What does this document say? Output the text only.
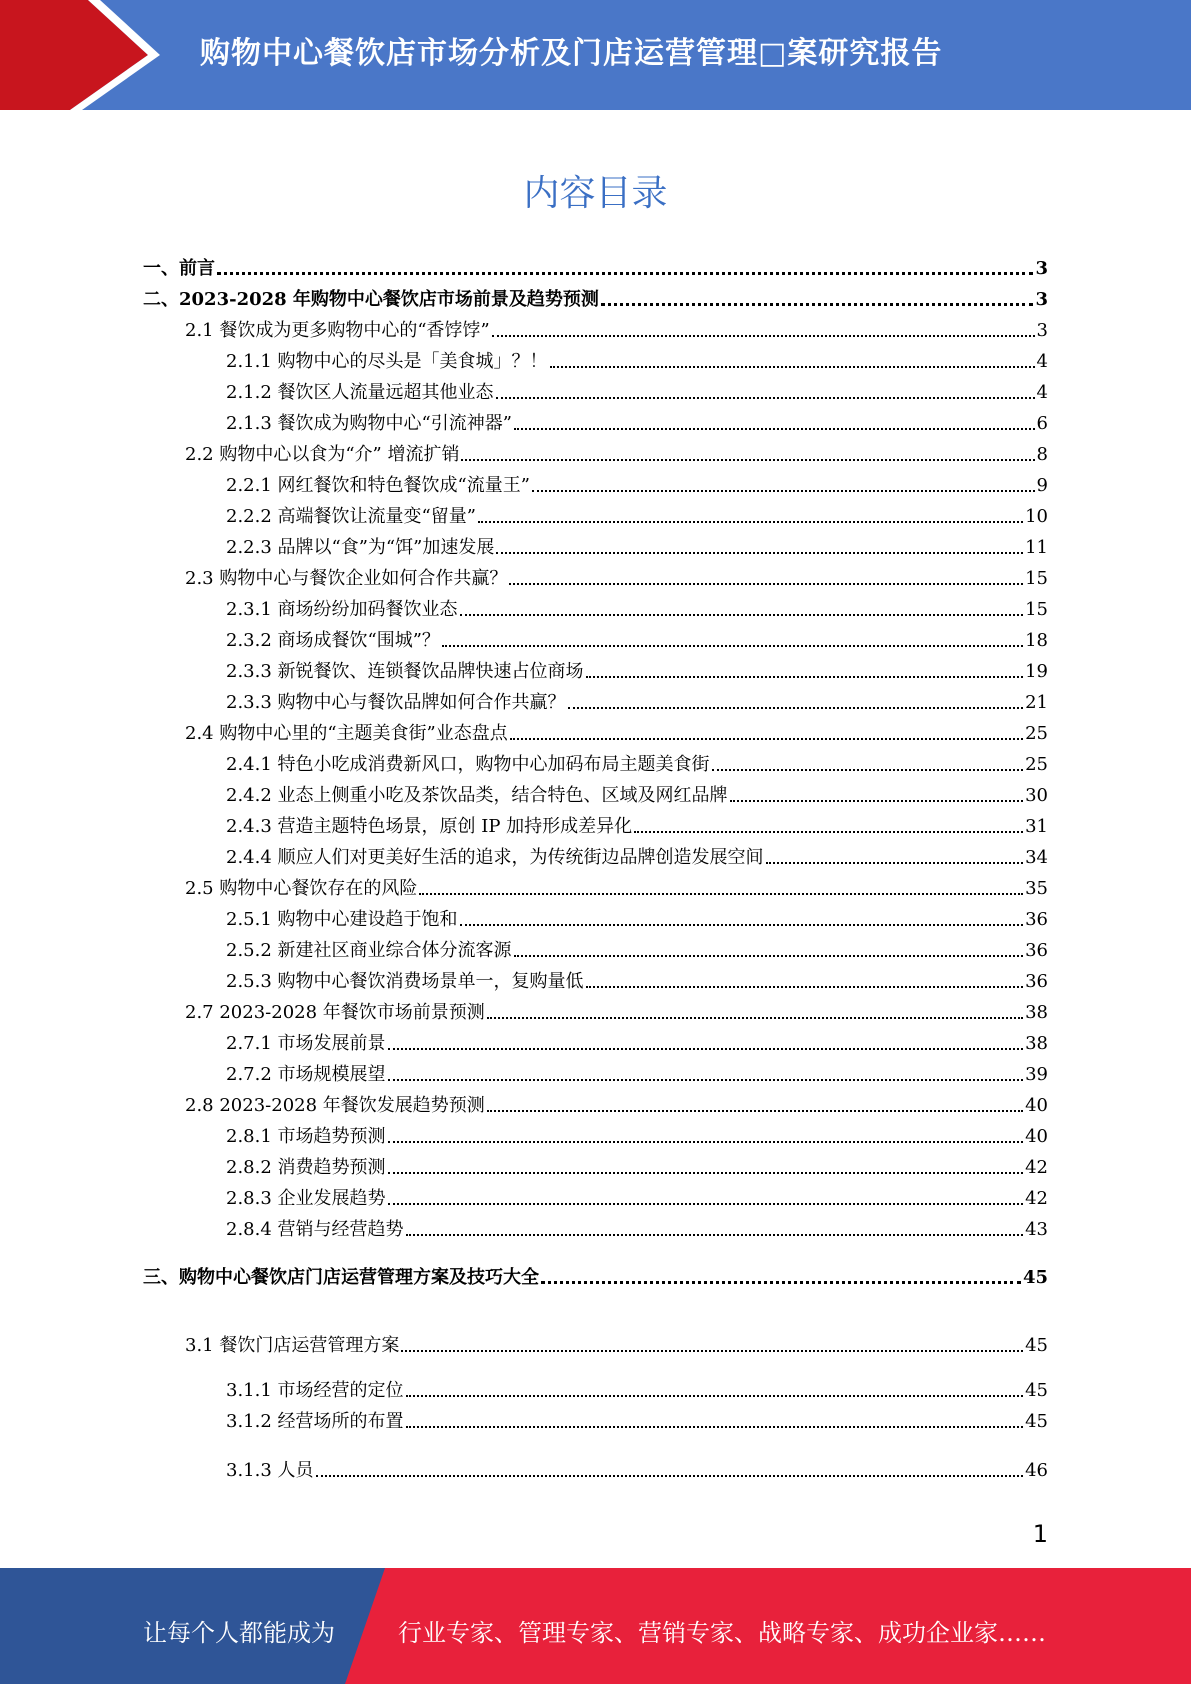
购物中心餐饮店市场分析及门店运营管理□案研究报告
内容目录
一、前言	3
二、2023-2028 年购物中心餐饮店市场前景及趋势预测	3
2.1 餐饮成为更多购物中心的“香饽饽”	3
2.1.1 购物中心的尽头是「美食城」？！	4
2.1.2 餐饮区人流量远超其他业态	4
2.1.3 餐饮成为购物中心“引流神器”	6
2.2 购物中心以食为“介” 增流扩销	8
2.2.1 网红餐饮和特色餐饮成“流量王”	9
2.2.2 高端餐饮让流量变“留量”	10
2.2.3 品牌以“食”为“饵”加速发展	11
2.3 购物中心与餐饮企业如何合作共赢？	15
2.3.1 商场纷纷加码餐饮业态	15
2.3.2 商场成餐饮“围城”？	18
2.3.3 新锐餐饮、连锁餐饮品牌快速占位商场	19
2.3.3 购物中心与餐饮品牌如何合作共赢？	21
2.4 购物中心里的“主题美食街”业态盘点	25
2.4.1 特色小吃成消费新风口，购物中心加码布局主题美食街	25
2.4.2 业态上侧重小吃及茶饮品类，结合特色、区域及网红品牌	30
2.4.3 营造主题特色场景，原创 IP 加持形成差异化	31
2.4.4 顺应人们对更美好生活的追求，为传统街边品牌创造发展空间	34
2.5 购物中心餐饮存在的风险	35
2.5.1 购物中心建设趋于饱和	36
2.5.2 新建社区商业综合体分流客源	36
2.5.3 购物中心餐饮消费场景单一，复购量低	36
2.7 2023-2028 年餐饮市场前景预测	38
2.7.1 市场发展前景	38
2.7.2 市场规模展望	39
2.8 2023-2028 年餐饮发展趋势预测	40
2.8.1 市场趋势预测	40
2.8.2 消费趋势预测	42
2.8.3 企业发展趋势	42
2.8.4 营销与经营趋势	43
三、购物中心餐饮店门店运营管理方案及技巧大全	45
3.1 餐饮门店运营管理方案	45
3.1.1 市场经营的定位	45
3.1.2 经营场所的布置	45
3.1.3 人员	46
1
让每个人都能成为	行业专家、管理专家、营销专家、战略专家、成功企业家……
